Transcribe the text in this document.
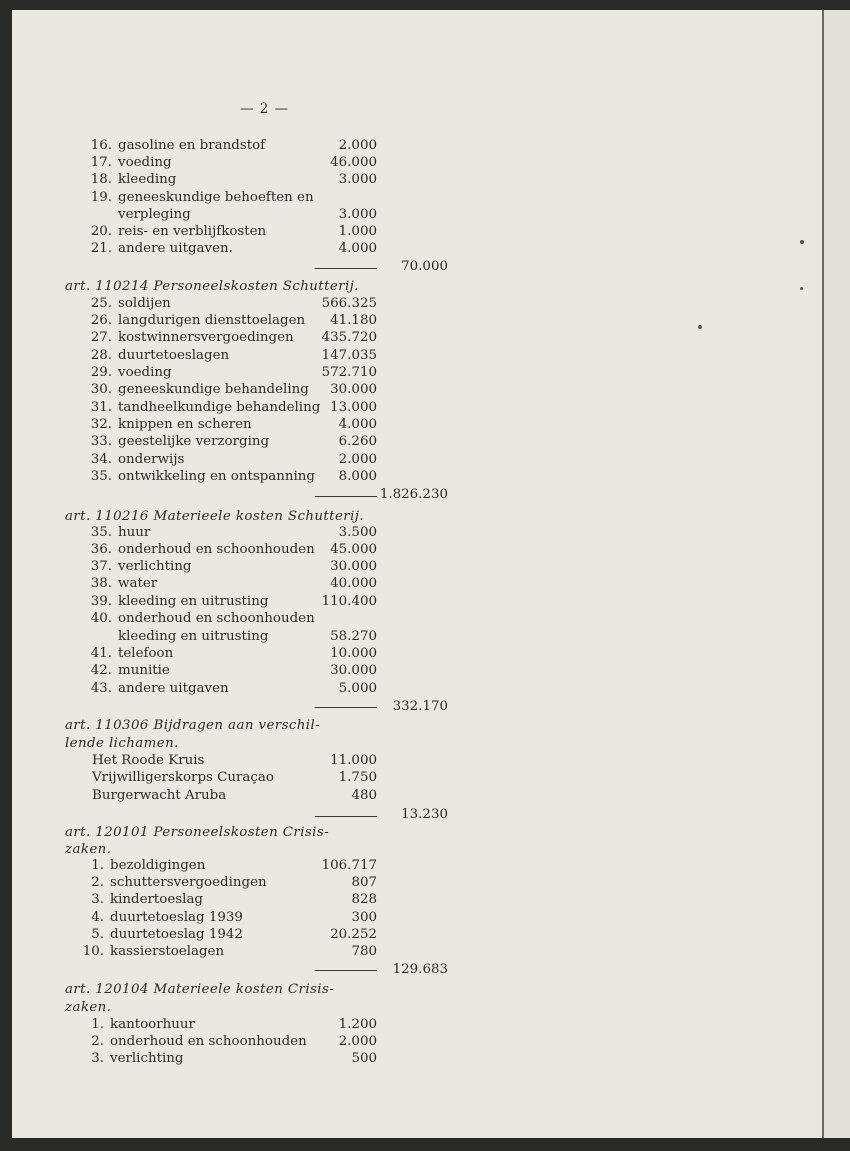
— 2 —
16. gasoline en brandstof	2.000
17. voeding	46.000
18. kleeding	3.000
19. geneeskundige behoeften en
verpleging	3.000
20. reis- en verblijfkosten	1.000
21. andere uitgaven.	4.000
70.000
art. 110214 Personeelskosten Schutterij.
25. soldijen	566.325
26. langdurigen diensttoelagen	41.180
27. kostwinnersvergoedingen	435.720
28. duurtetoeslagen	147.035
29. voeding	572.710
30. geneeskundige behandeling	30.000
31. tandheelkundige behandeling 13.000
32. knippen en scheren	4.000
33. geestelijke verzorging	6.260
34. onderwijs	2.000
35. ontwikkeling en ontspanning	8.000
1.826.230
art. 110216 Materieele kosten Schutterij.
35. huur	3.500
36. onderhoud en schoonhouden	45.000
37. verlichting	30.000
38. water	40.000
39. kleeding en uitrusting	110.400
40. onderhoud en schoonhouden
kleeding en uitrusting	58.270
41. telefoon	10.000
42. munitie	30.000
43. andere uitgaven	5.000
332.170
art. 110306 Bijdragen aan verschil-
lende lichamen.
Het Roode Kruis	11.000
Vrijwilligerskorps Curaçao	1.750
Burgerwacht Aruba	480
13.230
art. 120101 Personeelskosten Crisis-
zaken.
1. bezoldigingen	106.717
2. schuttersvergoedingen	807
3. kindertoeslag	828
4. duurtetoeslag 1939	300
5. duurtetoeslag 1942	20.252
10. kassierstoelagen	780
129.683
art. 120104 Materieele kosten Crisis-
zaken.
1. kantoorhuur	1.200
2. onderhoud en schoonhouden	2.000
3. verlichting	500
